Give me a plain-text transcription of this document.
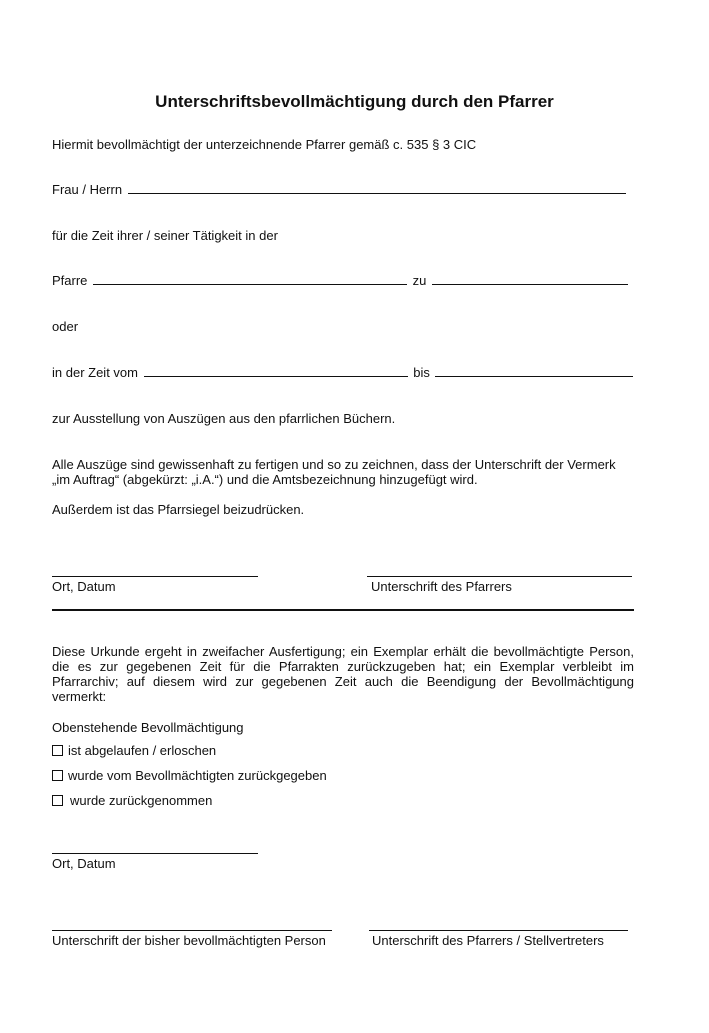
Unterschriftsbevollmächtigung durch den Pfarrer
Hiermit bevollmächtigt der unterzeichnende Pfarrer gemäß c. 535 § 3 CIC
Frau / Herrn
für die Zeit ihrer / seiner Tätigkeit in der
Pfarre	zu
oder
in der Zeit vom	bis
zur Ausstellung von Auszügen aus den pfarrlichen Büchern.
Alle Auszüge sind gewissenhaft zu fertigen und so zu zeichnen, dass der Unterschrift der Vermerk
„im Auftrag“ (abgekürzt: „i.A.“) und die Amtsbezeichnung hinzugefügt wird.
Außerdem ist das Pfarrsiegel beizudrücken.
Ort, Datum	Unterschrift des Pfarrers
Diese Urkunde ergeht in zweifacher Ausfertigung; ein Exemplar erhält die bevollmächtigte Person, die es zur gegebenen Zeit für die Pfarrakten zurückzugeben hat; ein Exemplar verbleibt im Pfarrarchiv; auf diesem wird zur gegebenen Zeit auch die Beendigung der Bevollmächtigung vermerkt:
Obenstehende Bevollmächtigung
ist abgelaufen / erloschen
wurde vom Bevollmächtigten zurückgegeben
wurde zurückgenommen
Ort, Datum
Unterschrift der bisher bevollmächtigten Person	Unterschrift des Pfarrers / Stellvertreters
